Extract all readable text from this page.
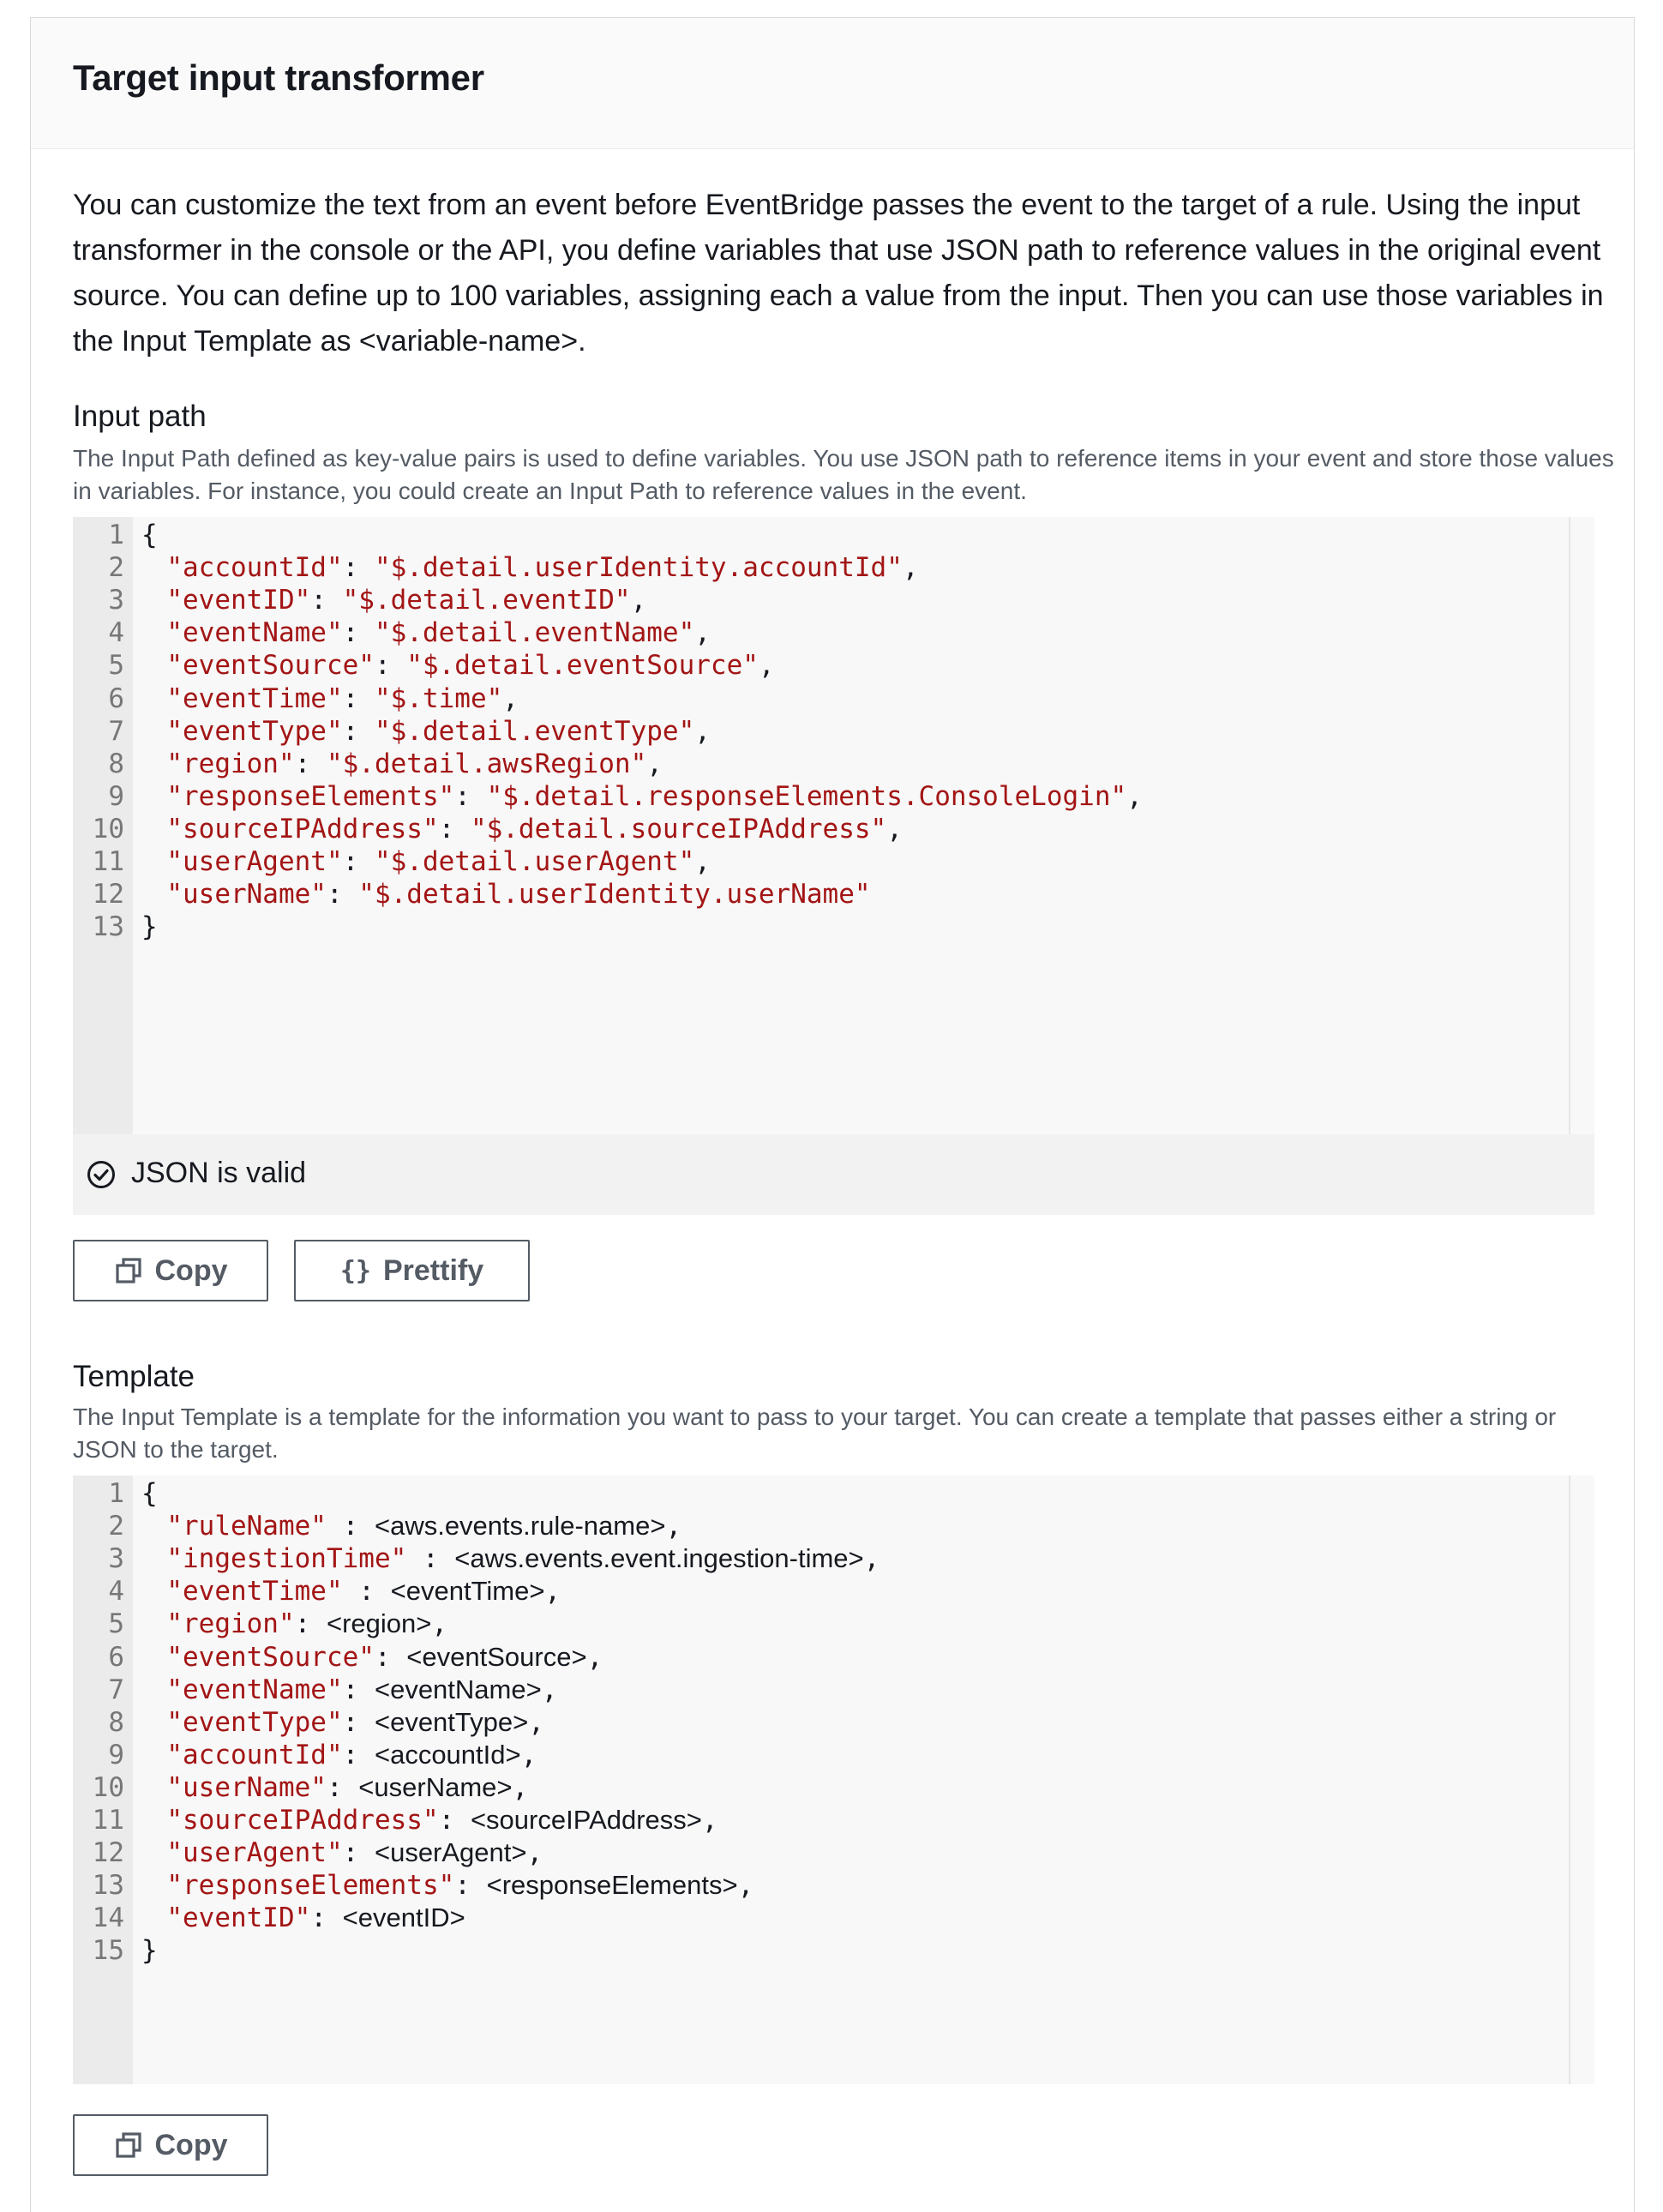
Target input transformer
You can customize the text from an event before EventBridge passes the event to the target of a rule. Using the input transformer in the console or the API, you define variables that use JSON path to reference values in the original event source. You can define up to 100 variables, assigning each a value from the input. Then you can use those variables in the Input Template as <variable-name>.
Input path
The Input Path defined as key-value pairs is used to define variables. You use JSON path to reference items in your event and store those values in variables. For instance, you could create an Input Path to reference values in the event.
1 {
2	"accountId": "$.detail.userIdentity.accountId",
3	"eventID": "$.detail.eventID",
4	"eventName": "$.detail.eventName",
5	"eventSource": "$.detail.eventSource",
6	"eventTime": "$.time",
7	"eventType": "$.detail.eventType",
8	"region": "$.detail.awsRegion",
9	"responseElements": "$.detail.responseElements.ConsoleLogin",
10	"sourceIPAddress": "$.detail.sourceIPAddress",
11	"userAgent": "$.detail.userAgent",
12	"userName": "$.detail.userIdentity.userName"
13 }
JSON is valid
Copy	{} Prettify
Template
The Input Template is a template for the information you want to pass to your target. You can create a template that passes either a string or JSON to the target.
1 {
2	"ruleName" : <aws.events.rule-name>,
3	"ingestionTime" : <aws.events.event.ingestion-time>,
4	"eventTime" : <eventTime>,
5	"region": <region>,
6	"eventSource": <eventSource>,
7	"eventName": <eventName>,
8	"eventType": <eventType>,
9	"accountId": <accountId>,
10	"userName": <userName>,
11	"sourceIPAddress": <sourceIPAddress>,
12	"userAgent": <userAgent>,
13	"responseElements": <responseElements>,
14	"eventID": <eventID>
15 }
Copy
